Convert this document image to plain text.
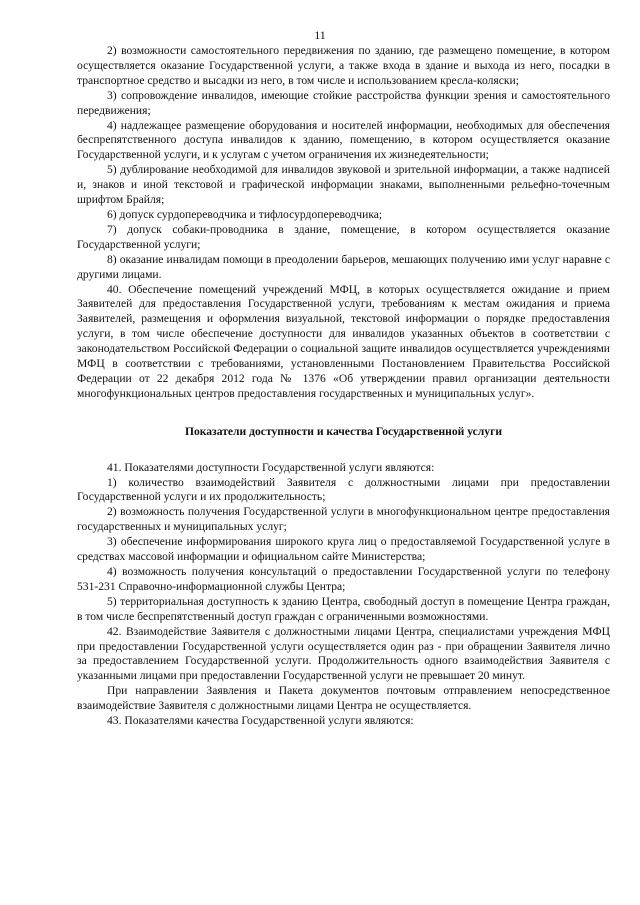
11

2) возможности самостоятельного передвижения по зданию, где размещено помещение, в котором осуществляется оказание Государственной услуги, а также входа в здание и выхода из него, посадки в транспортное средство и высадки из него, в том числе и использованием кресла-коляски;

3) сопровождение инвалидов, имеющие стойкие расстройства функции зрения и самостоятельного передвижения;

4) надлежащее размещение оборудования и носителей информации, необходимых для обеспечения беспрепятственного доступа инвалидов к зданию, помещению, в котором осуществляется оказание Государственной услуги, и к услугам с учетом ограничения их жизнедеятельности;

5) дублирование необходимой для инвалидов звуковой и зрительной информации, а также надписей и, знаков и иной текстовой и графической информации знаками, выполненными рельефно-точечным шрифтом Брайля;

6) допуск сурдопереводчика и тифлосурдопереводчика;

7) допуск собаки-проводника в здание, помещение, в котором осуществляется оказание Государственной услуги;

8) оказание инвалидам помощи в преодолении барьеров, мешающих получению ими услуг наравне с другими лицами.

40. Обеспечение помещений учреждений МФЦ, в которых осуществляется ожидание и прием Заявителей для предоставления Государственной услуги, требованиям к местам ожидания и приема Заявителей, размещения и оформления визуальной, текстовой информации о порядке предоставления услуги, в том числе обеспечение доступности для инвалидов указанных объектов в соответствии с законодательством Российской Федерации о социальной защите инвалидов осуществляется учреждениями МФЦ в соответствии с требованиями, установленными Постановлением Правительства Российской Федерации от 22 декабря 2012 года № 1376 «Об утверждении правил организации деятельности многофункциональных центров предоставления государственных и муниципальных услуг».

Показатели доступности и качества Государственной услуги

41. Показателями доступности Государственной услуги являются:

1) количество взаимодействий Заявителя с должностными лицами при предоставлении Государственной услуги и их продолжительность;

2) возможность получения Государственной услуги в многофункциональном центре предоставления государственных и муниципальных услуг;

3) обеспечение информирования широкого круга лиц о предоставляемой Государственной услуге в средствах массовой информации и официальном сайте Министерства;

4) возможность получения консультаций о предоставлении Государственной услуги по телефону 531-231 Справочно-информационной службы Центра;

5) территориальная доступность к зданию Центра, свободный доступ в помещение Центра граждан, в том числе беспрепятственный доступ граждан с ограниченными возможностями.

42. Взаимодействие Заявителя с должностными лицами Центра, специалистами учреждения МФЦ при предоставлении Государственной услуги осуществляется один раз - при обращении Заявителя лично за предоставлением Государственной услуги. Продолжительность одного взаимодействия Заявителя с указанными лицами при предоставлении Государственной услуги не превышает 20 минут.

При направлении Заявления и Пакета документов почтовым отправлением непосредственное взаимодействие Заявителя с должностными лицами Центра не осуществляется.

43. Показателями качества Государственной услуги являются:
